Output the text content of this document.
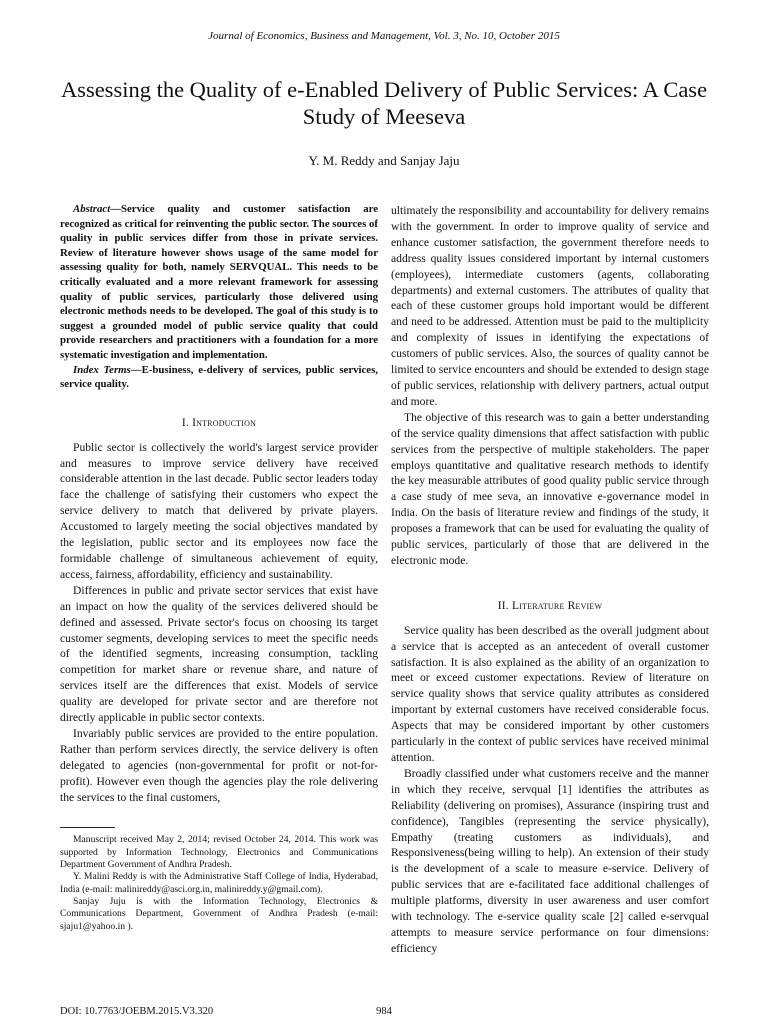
Journal of Economics, Business and Management, Vol. 3, No. 10, October 2015
Assessing the Quality of e-Enabled Delivery of Public Services: A Case Study of Meeseva
Y. M. Reddy and Sanjay Jaju

Abstract—Service quality and customer satisfaction are recognized as critical for reinventing the public sector. The sources of quality in public services differ from those in private services. Review of literature however shows usage of the same model for assessing quality for both, namely SERVQUAL. This needs to be critically evaluated and a more relevant framework for assessing quality of public services, particularly those delivered using electronic methods needs to be developed. The goal of this study is to suggest a grounded model of public service quality that could provide researchers and practitioners with a foundation for a more systematic investigation and implementation.

Index Terms—E-business, e-delivery of services, public services, service quality.

I. Introduction

Public sector is collectively the world's largest service provider and measures to improve service delivery have received considerable attention in the last decade. Public sector leaders today face the challenge of satisfying their customers who expect the service delivery to match that delivered by private players. Accustomed to largely meeting the social objectives mandated by the legislation, public sector and its employees now face the formidable challenge of simultaneous achievement of equity, access, fairness, affordability, efficiency and sustainability.

Differences in public and private sector services that exist have an impact on how the quality of the services delivered should be defined and assessed. Private sector's focus on choosing its target customer segments, developing services to meet the specific needs of the identified segments, increasing consumption, tackling competition for market share or revenue share, and nature of services itself are the differences that exist. Models of service quality are developed for private sector and are therefore not directly applicable in public sector contexts.

Invariably public services are provided to the entire population. Rather than perform services directly, the service delivery is often delegated to agencies (non-governmental for profit or not-for-profit). However even though the agencies play the role delivering the services to the final customers,

Manuscript received May 2, 2014; revised October 24, 2014. This work was supported by Information Technology, Electronics and Communications Department Government of Andhra Pradesh.

Y. Malini Reddy is with the Administrative Staff College of India, Hyderabad, India (e-mail: malinireddy@asci.org.in, malinireddy.y@gmail.com).

Sanjay Juju is with the Information Technology, Electronics & Communications Department, Government of Andhra Pradesh (e-mail: sjaju1@yahoo.in ).

ultimately the responsibility and accountability for delivery remains with the government. In order to improve quality of service and enhance customer satisfaction, the government therefore needs to address quality issues considered important by internal customers (employees), intermediate customers (agents, collaborating departments) and external customers. The attributes of quality that each of these customer groups hold important would be different and need to be addressed. Attention must be paid to the multiplicity and complexity of issues in identifying the expectations of customers of public services. Also, the sources of quality cannot be limited to service encounters and should be extended to design stage of public services, relationship with delivery partners, actual output and more.

The objective of this research was to gain a better understanding of the service quality dimensions that affect satisfaction with public services from the perspective of multiple stakeholders. The paper employs quantitative and qualitative research methods to identify the key measurable attributes of good quality public service through a case study of mee seva, an innovative e-governance model in India. On the basis of literature review and findings of the study, it proposes a framework that can be used for evaluating the quality of public services, particularly of those that are delivered in the electronic mode.

II. Literature Review

Service quality has been described as the overall judgment about a service that is accepted as an antecedent of overall customer satisfaction. It is also explained as the ability of an organization to meet or exceed customer expectations. Review of literature on service quality shows that service quality attributes as considered important by external customers have received considerable focus. Aspects that may be considered important by other customers particularly in the context of public services have received minimal attention.

Broadly classified under what customers receive and the manner in which they receive, servqual [1] identifies the attributes as Reliability (delivering on promises), Assurance (inspiring trust and confidence), Tangibles (representing the service physically), Empathy (treating customers as individuals), and Responsiveness(being willing to help). An extension of their study is the development of a scale to measure e-service. Delivery of public services that are e-facilitated face additional challenges of multiple platforms, diversity in user awareness and user comfort with technology. The e-service quality scale [2] called e-servqual attempts to measure service performance on four dimensions: efficiency

DOI: 10.7763/JOEBM.2015.V3.320	984
